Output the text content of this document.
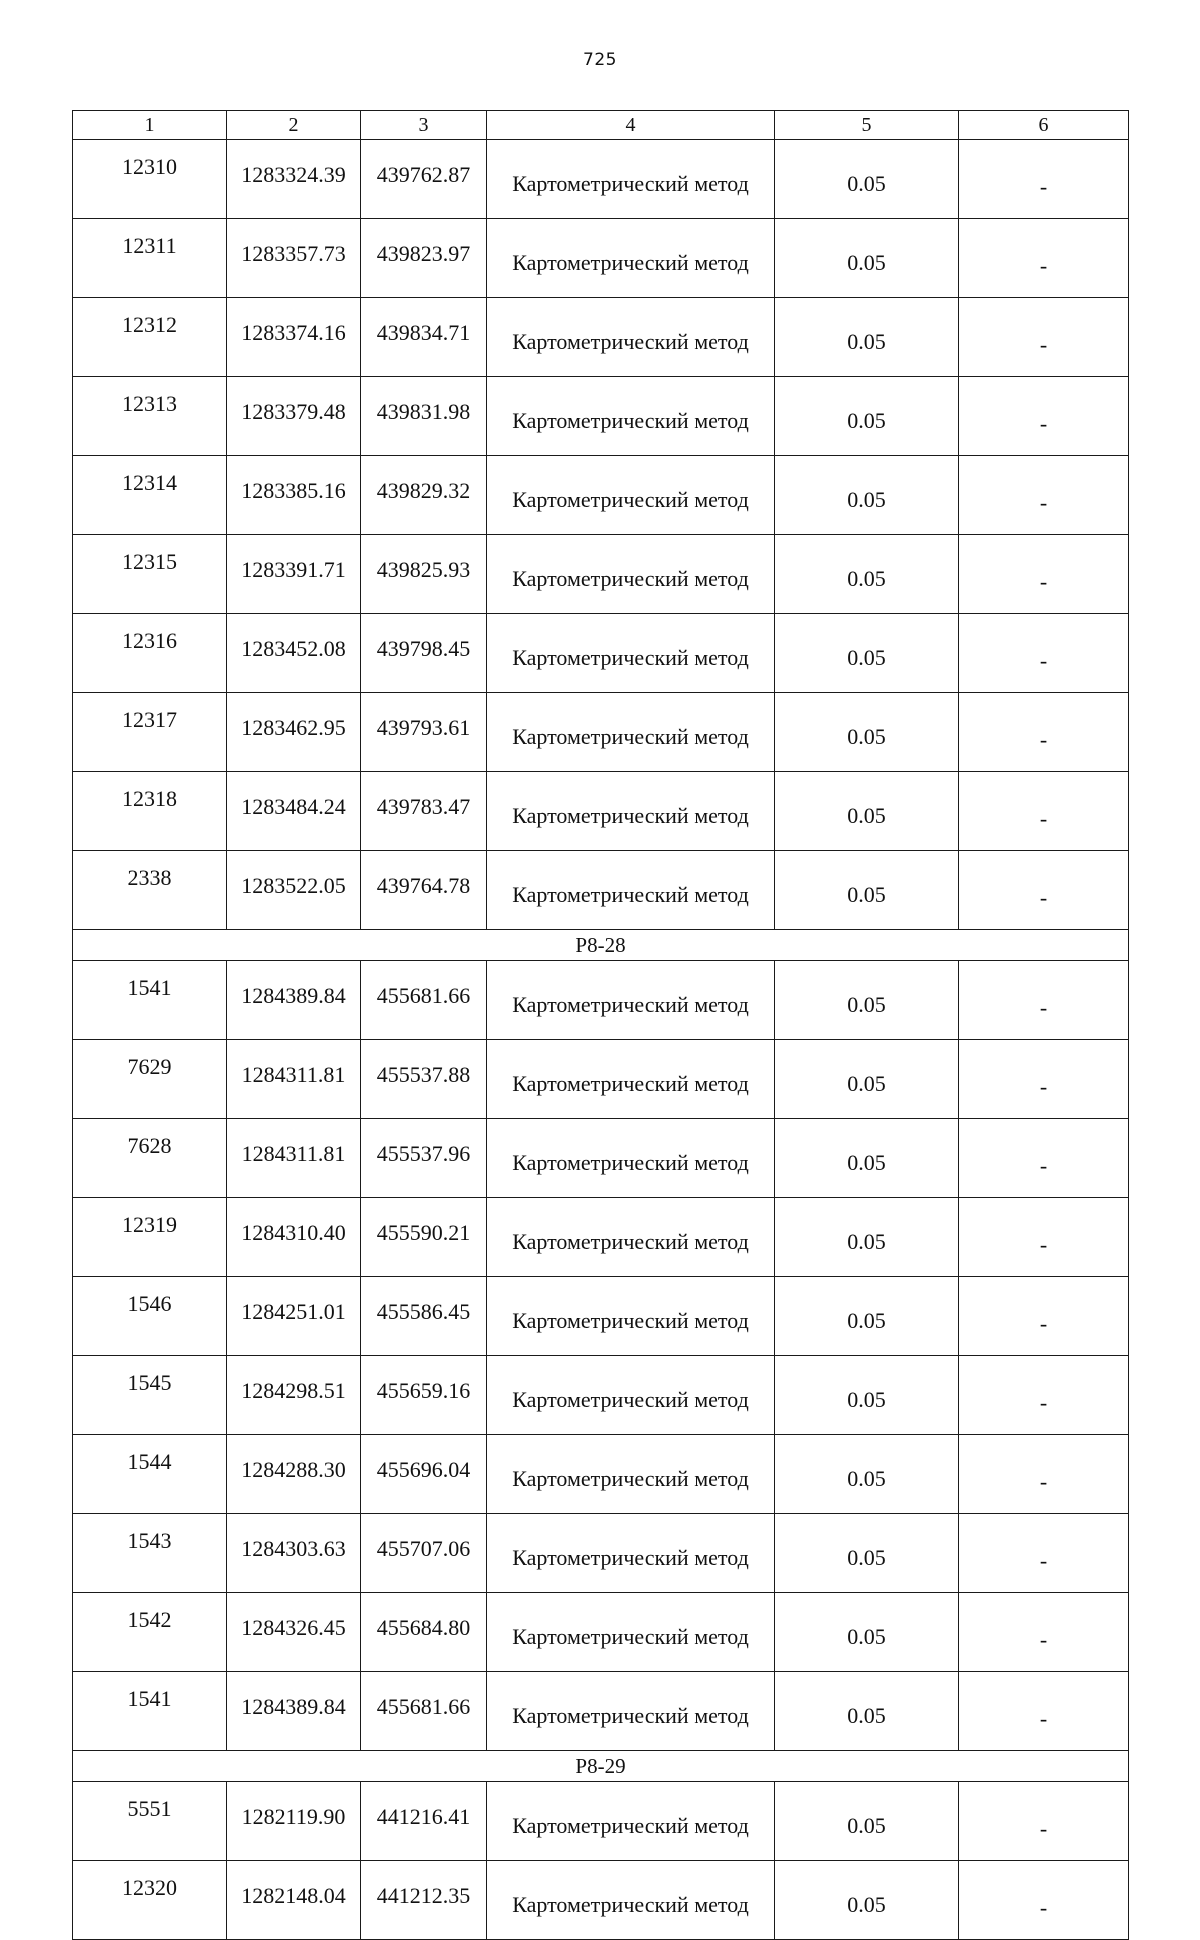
725
1	2	3	4	5	6
12310	1283324.39	439762.87	Картометрический метод	0.05	-
12311	1283357.73	439823.97	Картометрический метод	0.05	-
12312	1283374.16	439834.71	Картометрический метод	0.05	-
12313	1283379.48	439831.98	Картометрический метод	0.05	-
12314	1283385.16	439829.32	Картометрический метод	0.05	-
12315	1283391.71	439825.93	Картометрический метод	0.05	-
12316	1283452.08	439798.45	Картометрический метод	0.05	-
12317	1283462.95	439793.61	Картометрический метод	0.05	-
12318	1283484.24	439783.47	Картометрический метод	0.05	-
2338	1283522.05	439764.78	Картометрический метод	0.05	-
Р8-28					
1541	1284389.84	455681.66	Картометрический метод	0.05	-
7629	1284311.81	455537.88	Картометрический метод	0.05	-
7628	1284311.81	455537.96	Картометрический метод	0.05	-
12319	1284310.40	455590.21	Картометрический метод	0.05	-
1546	1284251.01	455586.45	Картометрический метод	0.05	-
1545	1284298.51	455659.16	Картометрический метод	0.05	-
1544	1284288.30	455696.04	Картометрический метод	0.05	-
1543	1284303.63	455707.06	Картометрический метод	0.05	-
1542	1284326.45	455684.80	Картометрический метод	0.05	-
1541	1284389.84	455681.66	Картометрический метод	0.05	-
Р8-29					
5551	1282119.90	441216.41	Картометрический метод	0.05	-
12320	1282148.04	441212.35	Картометрический метод	0.05	-
